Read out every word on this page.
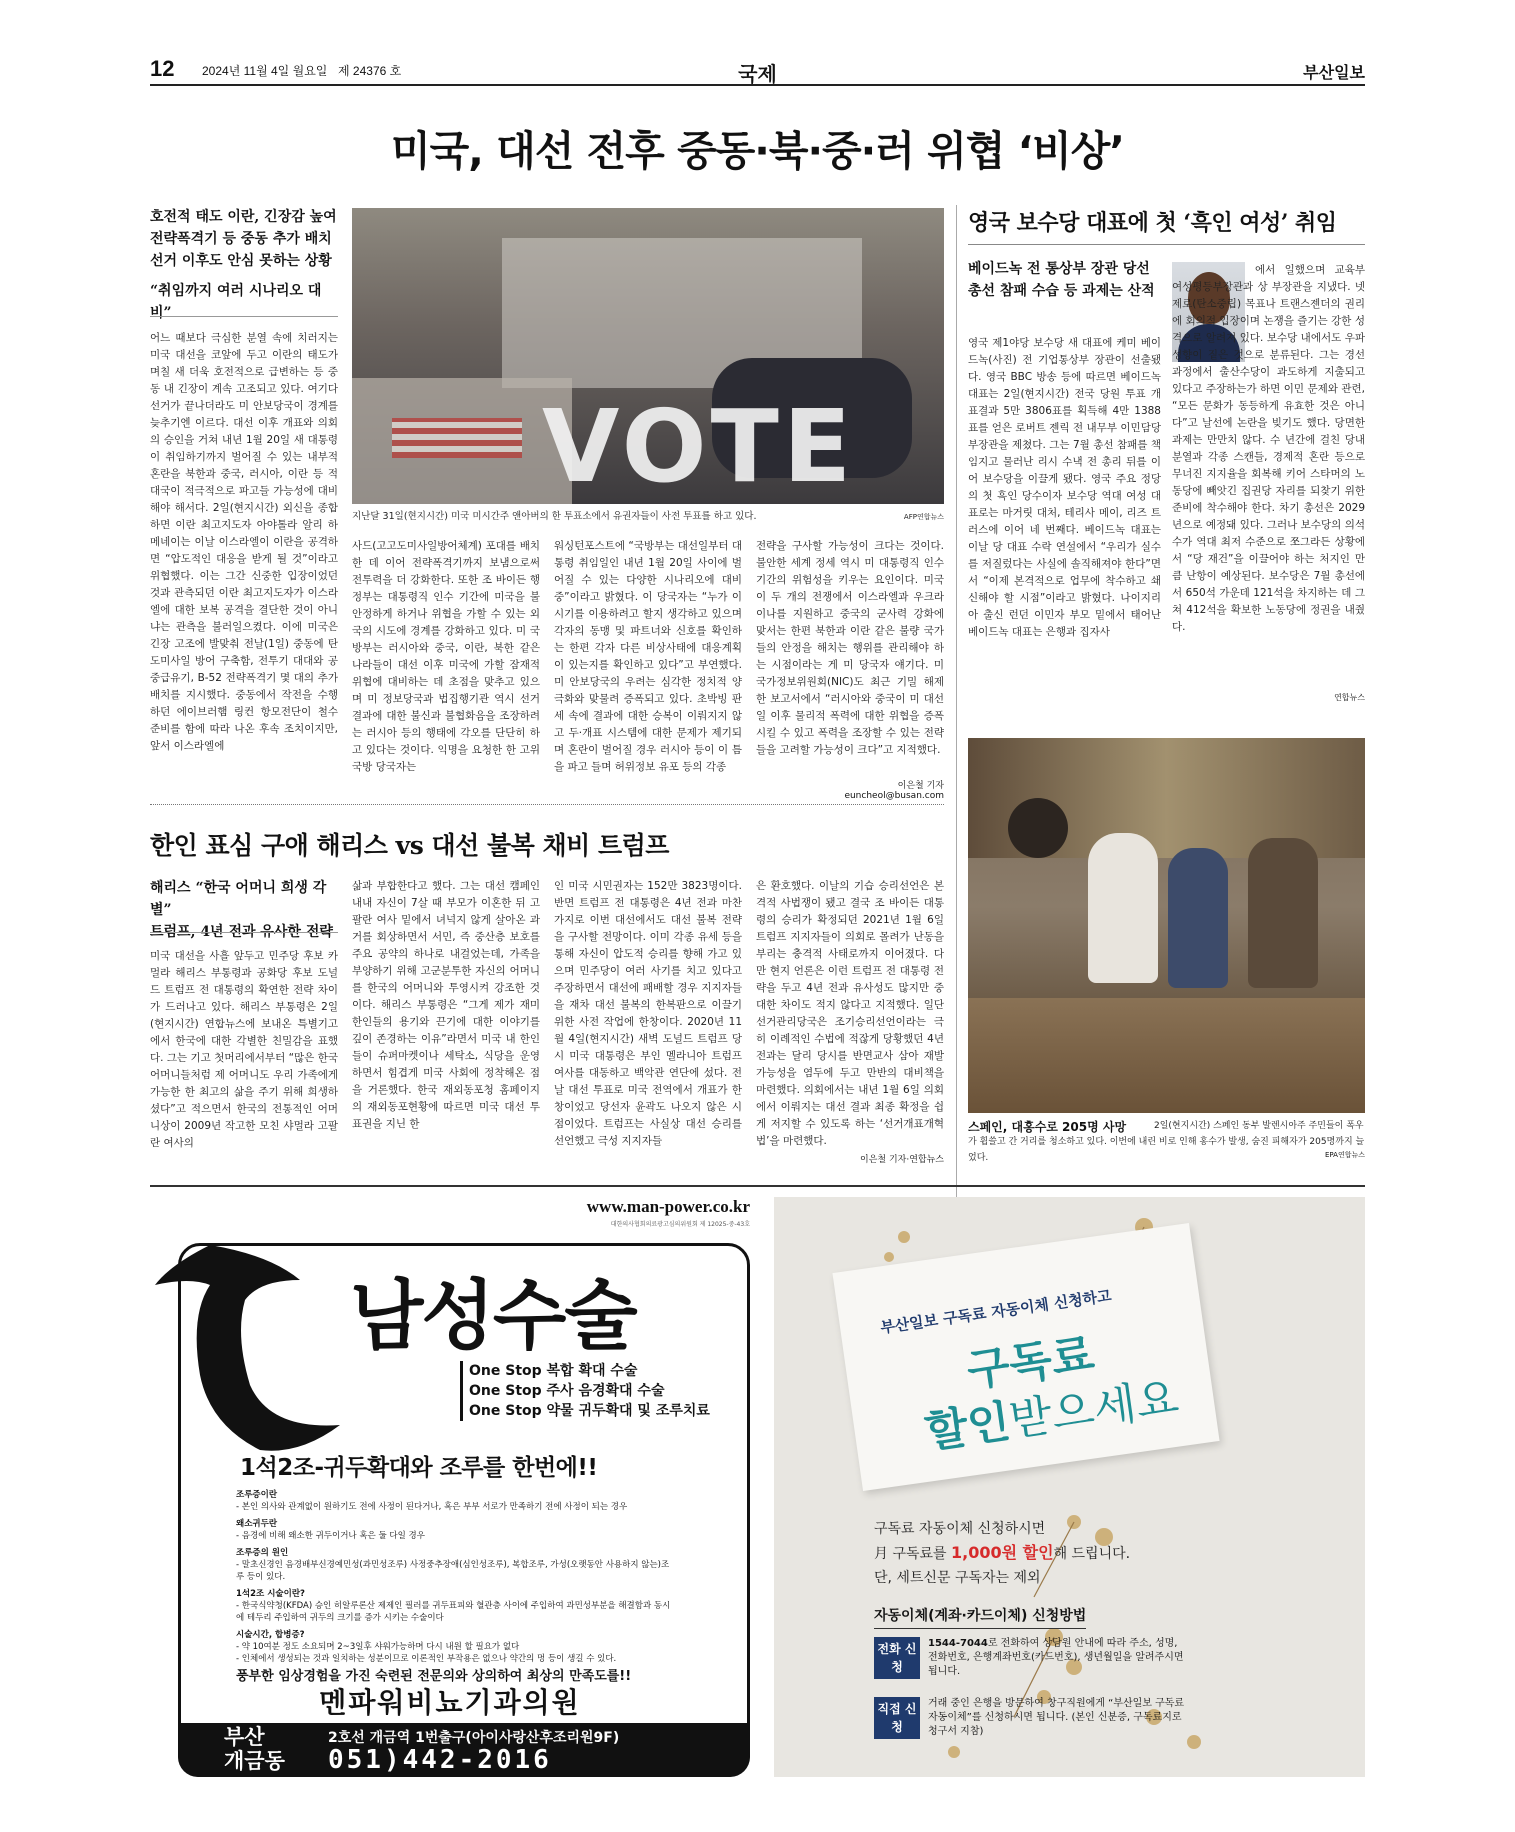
12 2024년 11월 4일 월요일 제 24376 호	국제	부산일보
미국, 대선 전후 중동·북·중·러 위협 ‘비상’
호전적 태도 이란, 긴장감 높여
전략폭격기 등 중동 추가 배치
선거 이후도 안심 못하는 상황
“취임까지 여러 시나리오 대비”
어느 때보다 극심한 분열 속에 치러지는 미국 대선을 코앞에 두고 이란의 태도가 며칠 새 더욱 호전적으로 급변하는 등 중동 내 긴장이 계속 고조되고 있다. 여기다 선거가 끝나더라도 미 안보당국이 경계를 늦추기엔 이르다. 대선 이후 개표와 의회의 승인을 거쳐 내년 1월 20일 새 대통령이 취임하기까지 벌어질 수 있는 내부적 혼란을 북한과 중국, 러시아, 이란 등 적대국이 적극적으로 파고들 가능성에 대비해야 해서다. 2일(현지시간) 외신을 종합하면 이란 최고지도자 아야톨라 알리 하메네이는 이날 이스라엘이 이란을 공격하면 “압도적인 대응을 받게 될 것”이라고 위협했다. 이는 그간 신중한 입장이었던 것과 관측되던 이란 최고지도자가 이스라엘에 대한 보복 공격을 결단한 것이 아니냐는 관측을 불러일으켰다. 이에 미국은 긴장 고조에 발맞춰 전날(1일) 중동에 탄도미사일 방어 구축함, 전투기 대대와 공중급유기, B-52 전략폭격기 몇 대의 추가 배치를 지시했다. 중동에서 작전을 수행하던 에이브러햄 링컨 항모전단이 철수 준비를 함에 따라 나온 후속 조치이지만, 앞서 이스라엘에
VOTE
지난달 31일(현지시간) 미국 미시간주 앤아버의 한 투표소에서 유권자들이 사전 투표를 하고 있다.	AFP연합뉴스
사드(고고도미사일방어체계) 포대를 배치한 데 이어 전략폭격기까지 보냄으로써 전투력을 더 강화한다. 또한 조 바이든 행정부는 대통령직 인수 기간에 미국을 불안정하게 하거나 위협을 가할 수 있는 외국의 시도에 경계를 강화하고 있다. 미 국방부는 러시아와 중국, 이란, 북한 같은 나라들이 대선 이후 미국에 가할 잠재적 위협에 대비하는 데 초점을 맞추고 있으며 미 정보당국과 법집행기관 역시 선거 결과에 대한 불신과 불협화음을 조장하려는 러시아 등의 행태에 각오를 단단히 하고 있다는 것이다. 익명을 요청한 한 고위 국방 당국자는
워싱턴포스트에 “국방부는 대선일부터 대통령 취임일인 내년 1월 20일 사이에 벌어질 수 있는 다양한 시나리오에 대비중”이라고 밝혔다. 이 당국자는 “누가 이 시기를 이용하려고 할지 생각하고 있으며 각자의 동맹 및 파트너와 신호를 확인하는 한편 각자 다른 비상사태에 대응계획이 있는지를 확인하고 있다”고 부연했다. 미 안보당국의 우려는 심각한 정치적 양극화와 맞물려 증폭되고 있다. 초박빙 판세 속에 결과에 대한 승복이 이뤄지지 않고 두·개표 시스템에 대한 문제가 제기되며 혼란이 벌어질 경우 러시아 등이 이 틈을 파고 들며 허위정보 유포 등의 각종
전략을 구사할 가능성이 크다는 것이다. 불안한 세계 정세 역시 미 대통령직 인수 기간의 위험성을 키우는 요인이다. 미국이 두 개의 전쟁에서 이스라엘과 우크라이나를 지원하고 중국의 군사력 강화에 맞서는 한편 북한과 이란 같은 불량 국가들의 안정을 해치는 행위를 관리해야 하는 시점이라는 게 미 당국자 얘기다. 미 국가정보위원회(NIC)도 최근 기밀 해제한 보고서에서 “러시아와 중국이 미 대선일 이후 물리적 폭력에 대한 위협을 증폭시킬 수 있고 폭력을 조장할 수 있는 전략들을 고려할 가능성이 크다”고 지적했다.
이은철 기자 euncheol@busan.com
영국 보수당 대표에 첫 ‘흑인 여성’ 취임
베이드녹 전 통상부 장관 당선
총선 참패 수습 등 과제는 산적
영국 제1야당 보수당 새 대표에 케미 베이드녹(사진) 전 기업통상부 장관이 선출됐다. 영국 BBC 방송 등에 따르면 베이드녹 대표는 2일(현지시간) 전국 당원 투표 개표결과 5만 3806표를 획득해 4만 1388표를 얻은 로버트 젠릭 전 내무부 이민담당 부장관을 제쳤다. 그는 7월 총선 참패를 책임지고 물러난 리시 수낵 전 총리 뒤를 이어 보수당을 이끌게 됐다. 영국 주요 정당의 첫 흑인 당수이자 보수당 역대 여성 대표로는 마거릿 대처, 테리사 메이, 리즈 트러스에 이어 네 번째다. 베이드녹 대표는 이날 당 대표 수락 연설에서 “우리가 실수를 저질렀다는 사실에 솔직해져야 한다”면서 “이제 본격적으로 업무에 착수하고 쇄신해야 할 시점”이라고 밝혔다. 나이지리아 출신 런던 이민자 부모 밑에서 태어난 베이드녹 대표는 은행과 집자사
에서 일했으며 교육부 여성평등부장관과 상 부장관을 지냈다. 넷제로(탄소중립) 목표나 트랜스젠더의 권리에 회의적 입장이며 논쟁을 즐기는 강한 성격으로 알려져 있다. 보수당 내에서도 우파 성향이 짙은 것으로 분류된다. 그는 경선 과정에서 출산수당이 과도하게 지출되고 있다고 주장하는가 하면 이민 문제와 관련, “모든 문화가 동등하게 유효한 것은 아니다”고 날선에 논란을 빚기도 했다. 당면한 과제는 만만치 않다. 수 년간에 걸친 당내 분열과 각종 스캔들, 경제적 혼란 등으로 무너진 지지율을 회복해 키어 스타머의 노동당에 빼앗긴 집권당 자리를 되찾기 위한 준비에 착수해야 한다. 차기 총선은 2029년으로 예정돼 있다. 그러나 보수당의 의석수가 역대 최저 수준으로 쪼그라든 상황에서 “당 재건”을 이끌어야 하는 처지인 만큼 난항이 예상된다. 보수당은 7월 총선에서 650석 가운데 121석을 차지하는 데 그쳐 412석을 확보한 노동당에 정권을 내줬다.
연합뉴스
스페인, 대홍수로 205명 사망	2일(현지시간) 스페인 동부 발렌시아주 주민들이 폭우가 휩쓸고 간 거리를 청소하고 있다. 이번에 내린 비로 인해 홍수가 발생, 숨진 피해자가 205명까지 늘었다.	EPA연합뉴스
한인 표심 구애 해리스 vs 대선 불복 채비 트럼프
해리스 “한국 어머니 희생 각별”
트럼프, 4년 전과 유사한 전략
미국 대선을 사흘 앞두고 민주당 후보 카멀라 해리스 부통령과 공화당 후보 도널드 트럼프 전 대통령의 확연한 전략 차이가 드러나고 있다. 해리스 부통령은 2일(현지시간) 연합뉴스에 보내온 특별기고에서 한국에 대한 각별한 친밀감을 표했다. 그는 기고 첫머리에서부터 “많은 한국 어머니들처럼 제 어머니도 우리 가족에게 가능한 한 최고의 삶을 주기 위해 희생하셨다”고 적으면서 한국의 전통적인 어머니상이 2009년 작고한 모친 샤멀라 고팔란 여사의
삶과 부합한다고 했다. 그는 대선 캠페인 내내 자신이 7살 때 부모가 이혼한 뒤 고팔란 여사 밑에서 녀넉지 않게 살아온 과거를 회상하면서 서민, 즉 중산층 보호를 주요 공약의 하나로 내걸었는데, 가족을 부양하기 위해 고군분투한 자신의 어머니를 한국의 어머니와 투영시켜 강조한 것이다. 해리스 부통령은 “그게 제가 재미 한인들의 용기와 끈기에 대한 이야기를 깊이 존경하는 이유”라면서 미국 내 한인들이 슈퍼마켓이나 세탁소, 식당을 운영하면서 힘겹게 미국 사회에 정착해온 점을 거론했다. 한국 재외동포청 홈페이지의 재외동포현황에 따르면 미국 대선 투표권을 지닌 한
인 미국 시민권자는 152만 3823명이다. 반면 트럼프 전 대통령은 4년 전과 마찬가지로 이번 대선에서도 대선 불복 전략을 구사할 전망이다. 이미 각종 유세 등을 통해 자신이 압도적 승리를 향해 가고 있으며 민주당이 여러 사기를 치고 있다고 주장하면서 대선에 패배할 경우 지지자들을 재차 대선 불복의 한복판으로 이끌기 위한 사전 작업에 한창이다. 2020년 11월 4일(현지시간) 새벽 도널드 트럼프 당시 미국 대통령은 부인 멜라니아 트럼프 여사를 대동하고 백악관 연단에 섰다. 전날 대선 투표로 미국 전역에서 개표가 한창이었고 당선자 윤곽도 나오지 않은 시점이었다. 트럼프는 사실상 대선 승리를 선언했고 극성 지지자들
은 환호했다. 이날의 기습 승리선언은 본격적 사법쟁이 됐고 결국 조 바이든 대통령의 승리가 확정되던 2021년 1월 6일 트럼프 지지자들이 의회로 몰려가 난동을 부리는 충격적 사태로까지 이어졌다. 다만 현지 언론은 이런 트럼프 전 대통령 전략을 두고 4년 전과 유사성도 많지만 중대한 차이도 적지 않다고 지적했다. 일단 선거관리당국은 조기승리선언이라는 극히 이례적인 수법에 적잖게 당황했던 4년 전과는 달리 당시를 반면교사 삼아 재발 가능성을 염두에 두고 만반의 대비책을 마련했다. 의회에서는 내년 1월 6일 의회에서 이뤄지는 대선 결과 최종 확정을 쉽게 저지할 수 있도록 하는 ‘선거개표개혁법’을 마련했다.
이은철 기자·연합뉴스
www.man-power.co.kr
대한의사협회의료광고심의위원회 제 12025-중-43호
남성수술
One Stop 복합 확대 수술
One Stop 주사 음경확대 수술
One Stop 약물 귀두확대 및 조루치료
1석2조-귀두확대와 조루를 한번에!!
조루증이란
- 본인 의사와 관계없이 원하기도 전에 사정이 된다거나, 혹은 부부 서로가 만족하기 전에 사정이 되는 경우
왜소귀두란
- 음경에 비해 왜소한 귀두이거나 혹은 둘 다일 경우
조루증의 원인
- 말초신경인 음경배부신경예민성(과민성조루) 사정중추장애(심인성조루), 복합조루, 가성(오랫동안 사용하지 않는)조루 등이 있다.
1석2조 시술이란?
- 한국식약청(KFDA) 승인 히알루론산 제제인 필러를 귀두표피와 혈관층 사이에 주입하여 과민성부분을 해결함과 동시에 테두리 주입하여 귀두의 크기를 증가 시키는 수술이다
시술시간, 합병증?
- 약 10여분 정도 소요되며 2~3일후 샤워가능하며 다시 내원 할 필요가 없다
- 인체에서 생성되는 것과 일치하는 성분이므로 이론적인 부작용은 없으나 약간의 멍 등이 생길 수 있다.
풍부한 임상경험을 가진 숙련된 전문의와 상의하여 최상의 만족도를!!
멘파워비뇨기과의원
부산
개금동
2호선 개금역 1번출구(아이사랑산후조리원9F)
051)442-2016
부산일보 구독료 자동이체 신청하고
구독료
할인받으세요
구독료 자동이체 신청하시면
月 구독료를 1,000원 할인해 드립니다.
단, 세트신문 구독자는 제외
자동이체(계좌·카드이체) 신청방법
전화 신청
1544-7044로 전화하여 상담원 안내에 따라 주소, 성명, 전화번호, 은행계좌번호(카드번호), 생년월일을 알려주시면 됩니다.
직접 신청
거래 중인 은행을 방문하여 창구직원에게 “부산일보 구독료 자동이체”를 신청하시면 됩니다. (본인 신분증, 구독료지로 청구서 지참)
